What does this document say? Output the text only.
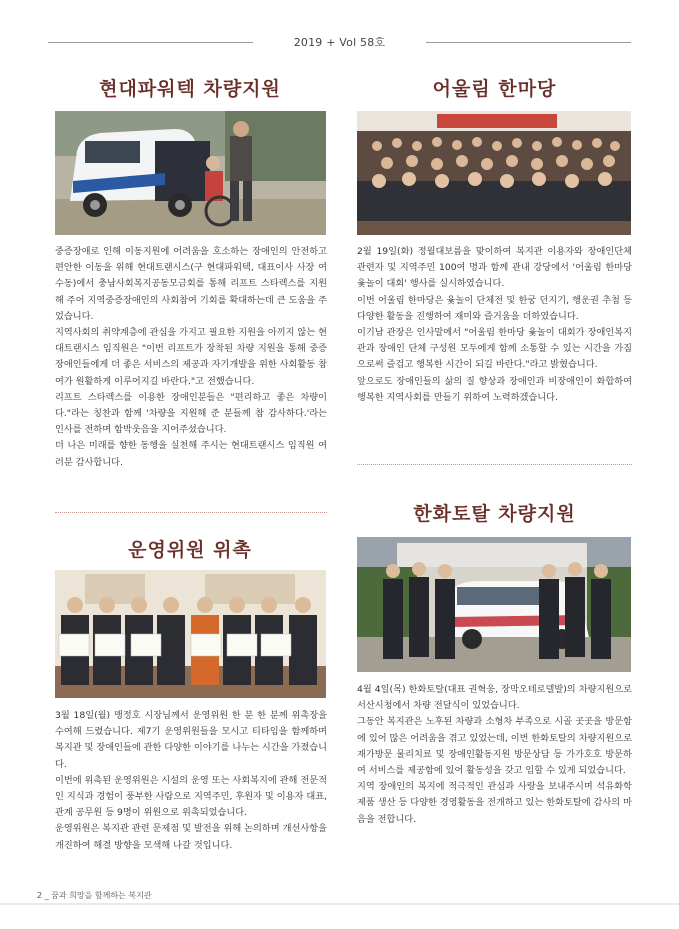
2019 + Vol 58호
현대파워텍 차량지원
중증장애로 인해 이동지원에 어려움을 호소하는 장애인의 안전하고 편안한 이동을 위해 현대트랜시스(구 현대파워텍, 대표이사 사장 여수동)에서 충남사회복지공동모금회를 통해 리프트 스타렉스를 지원해 주어 지역중증장애인의 사회참여 기회를 확대하는데 큰 도움을 주었습니다.
지역사회의 취약계층에 관심을 가지고 필요한 지원을 아끼지 않는 현대트랜시스 임직원은 "이번 리프트가 장착된 차량 지원을 통해 중증장애인들에게 더 좋은 서비스의 제공과 자기개발을 위한 사회활동 참여가 원활하게 이루어지길 바란다."고 전했습니다.
리프트 스타렉스를 이용한 장애인분들은 "편리하고 좋은 차량이다."라는 칭찬과 함께 '차량을 지원해 준 분들께 참 감사하다.'라는 인사를 전하며 함박웃음을 지어주셨습니다.
더 나은 미래를 향한 동행을 실천해 주시는 현대트랜시스 임직원 여러분 감사합니다.
어울림 한마당
2월 19일(화) 정월대보름을 맞이하여 복지관 이용자와 장애인단체 관련자 및 지역주민 100여 명과 함께 관내 강당에서 '어울림 한마당 윷놀이 대회' 행사를 실시하였습니다.
이번 어울림 한마당은 윷놀이 단체전 및 한궁 던지기, 행운권 추첨 등 다양한 활동을 진행하여 재미와 즐거움을 더하였습니다.
이기남 관장은 인사말에서 "어울림 한마당 윷놀이 대회가 장애인복지관과 장애인 단체 구성원 모두에게 함께 소통할 수 있는 시간을 가짐으로써 즐겁고 행복한 시간이 되길 바란다."라고 밝혔습니다.
앞으로도 장애인들의 삶의 질 향상과 장애인과 비장애인이 화합하여 행복한 지역사회를 만들기 위하여 노력하겠습니다.
운영위원 위촉
3월 18일(월) 맹정호 시장님께서 운영위원 한 분 한 분께 위촉장을 수여해 드렸습니다. 제7기 운영위원들을 모시고 티타임을 함께하며 복지관 및 장애인들에 관한 다양한 이야기를 나누는 시간을 가졌습니다.
이번에 위촉된 운영위원은 시설의 운영 또는 사회복지에 관해 전문적인 지식과 경험이 풍부한 사람으로 지역주민, 후원자 및 이용자 대표, 관계 공무원 등 9명이 위원으로 위촉되었습니다.
운영위원은 복지관 관련 문제점 및 발전을 위해 논의하며 개선사항을 개진하여 해결 방향을 모색해 나갈 것입니다.
한화토탈 차량지원
4월 4일(목) 한화토탈(대표 권혁웅, 장막오테로델발)의 차량지원으로 서산시청에서 차량 전달식이 있었습니다.
그동안 복지관은 노후된 차량과 소형차 부족으로 시골 곳곳을 방문함에 있어 많은 어려움을 겪고 있었는데, 이번 한화토탈의 차량지원으로 재가방문 물리치료 및 장애인활동지원 방문상담 등 가가호호 방문하여 서비스를 제공함에 있어 활동성을 갖고 임할 수 있게 되었습니다.
지역 장애인의 복지에 적극적인 관심과 사랑을 보내주시며 석유화학 제품 생산 등 다양한 경영활동을 전개하고 있는 한화토탈에 감사의 마음을 전합니다.
2 _ 꿈과 희망을 함께하는 복지관
